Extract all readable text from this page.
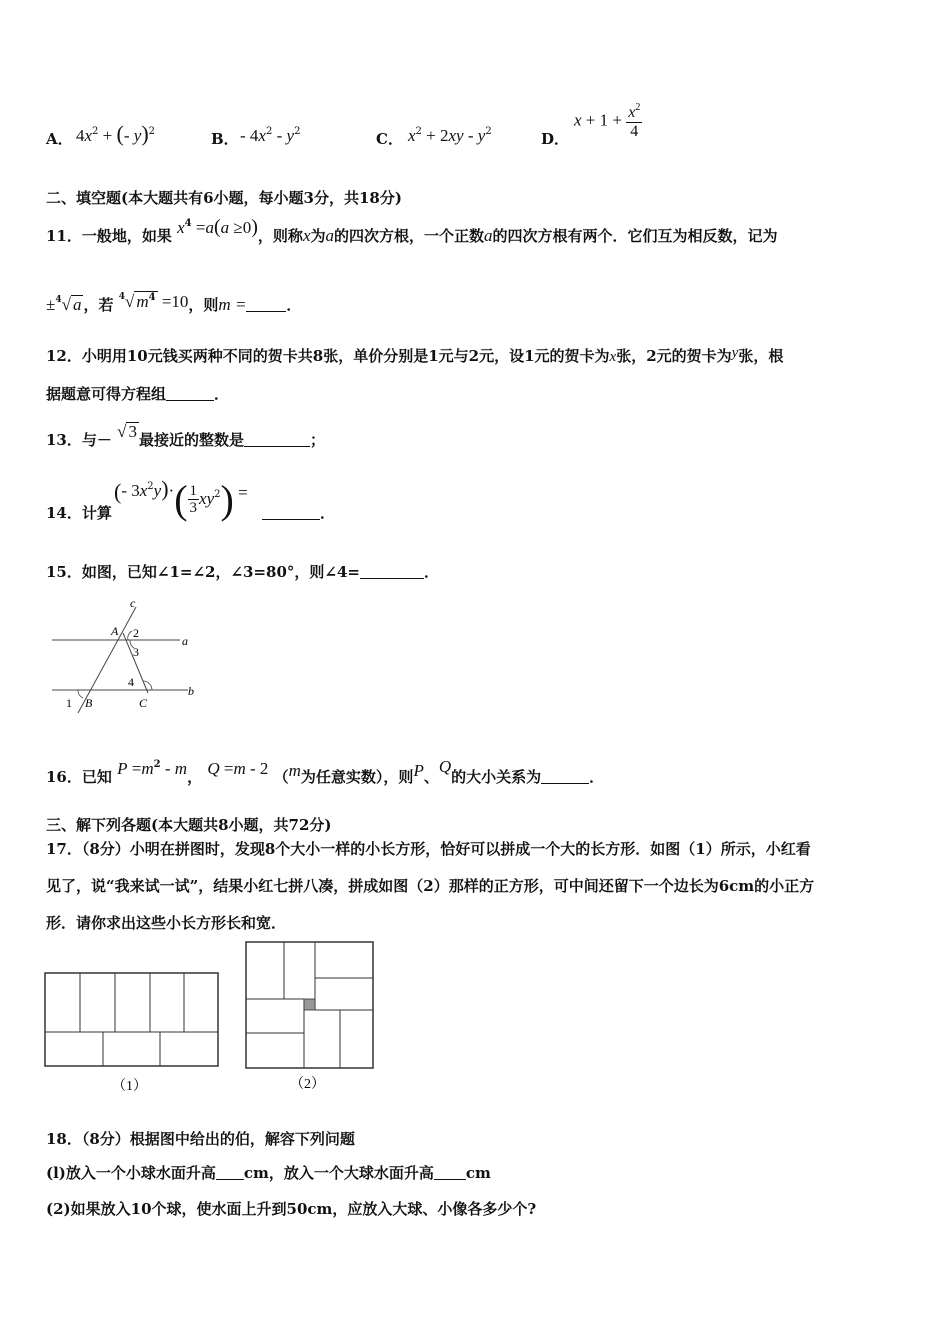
A． $4x^2$ + (- y)$^2$	B． - $4x^2 - y^2$	C． $x^2 + 2xy - y^2$	D．
$x + 1 + \frac{x^2}{4}$
二、填空题(本大题共有6小题，每小题3分，共18分)
11．一般地，如果 $x^4 =a(a \ge 0)$，则称x为a的四次方根，一个正数a的四次方根有两个．它们互为相反数，记为
±$^4$√ a ，若 $^4$√ $m^4 =10$，则m =	．
12．小明用10元钱买两种不同的贺卡共8张，单价分别是1元与2元，设1元的贺卡为x张，2元的贺卡为y张，根
据题意可得方程组	．
13．与－ √ 3 最接近的整数是	；
14．计算
(- $3x^2y)\cdot( \frac{1}{3} xy^2)$ =
．
15．如图，已知∠1=∠2，∠3=80°，则∠4=	．
c
A 2
3
a
4
b
1 B	C
16．已知 $P =m^2 - m$， Q =m - 2 （m为任意实数），则P、Q的大小关系为	．
三、解下列各题(本大题共8小题，共72分)
17．（8分）小明在拼图时，发现8个大小一样的小长方形，恰好可以拼成一个大的长方形．如图（1）所示，小红看
见了，说“我来试一试”，结果小红七拼八凑，拼成如图（2）那样的正方形，可中间还留下一个边长为6cm的小正方
形．请你求出这些小长方形长和宽．
（1）	（2）
18．（8分）根据图中给出的伯，解容下列问题
(l)放入一个小球水面升高 cm，放入一个大球水面升高 cm
(2)如果放入10个球，使水面上升到50cm，应放入大球、小像各多少个?
